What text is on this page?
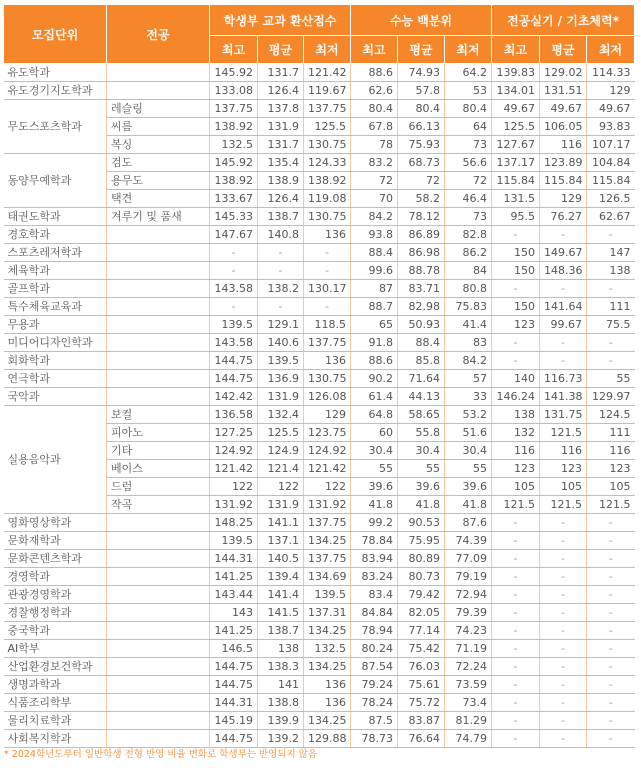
모집단위	전공	학생부 교과 환산점수			수능 백분위			전공실기 / 기초체력*		
		최고	평균	최저	최고	평균	최저	최고	평균	최저
유도학과		145.92	131.7	121.42	88.6	74.93	64.2	139.83	129.02	114.33
유도경기지도학과		133.08	126.4	119.67	62.6	57.8	53	134.01	131.51	129
무도스포츠학과	레슬링	137.75	137.8	137.75	80.4	80.4	80.4	49.67	49.67	49.67
	씨름	138.92	131.9	125.5	67.8	66.13	64	125.5	106.05	93.83
	복싱	132.5	131.7	130.75	78	75.93	73	127.67	116	107.17
동양무예학과	검도	145.92	135.4	124.33	83.2	68.73	56.6	137.17	123.89	104.84
	용무도	138.92	138.9	138.92	72	72	72	115.84	115.84	115.84
	택견	133.67	126.4	119.08	70	58.2	46.4	131.5	129	126.5
태권도학과	겨루기 및 품새	145.33	138.7	130.75	84.2	78.12	73	95.5	76.27	62.67
경호학과		147.67	140.8	136	93.8	86.89	82.8	-	-	-
스포츠레저학과		-	-	-	88.4	86.98	86.2	150	149.67	147
체육학과		-	-	-	99.6	88.78	84	150	148.36	138
골프학과		143.58	138.2	130.17	87	83.71	80.8	-	-	-
특수체육교육과		-	-	-	88.7	82.98	75.83	150	141.64	111
무용과		139.5	129.1	118.5	65	50.93	41.4	123	99.67	75.5
미디어디자인학과		143.58	140.6	137.75	91.8	88.4	83	-	-	-
회화학과		144.75	139.5	136	88.6	85.8	84.2	-	-	-
연극학과		144.75	136.9	130.75	90.2	71.64	57	140	116.73	55
국악과		142.42	131.9	126.08	61.4	44.13	33	146.24	141.38	129.97
실용음악과	보컬	136.58	132.4	129	64.8	58.65	53.2	138	131.75	124.5
	피아노	127.25	125.5	123.75	60	55.8	51.6	132	121.5	111
	기타	124.92	124.9	124.92	30.4	30.4	30.4	116	116	116
	베이스	121.42	121.4	121.42	55	55	55	123	123	123
	드럼	122	122	122	39.6	39.6	39.6	105	105	105
	작곡	131.92	131.9	131.92	41.8	41.8	41.8	121.5	121.5	121.5
영화영상학과		148.25	141.1	137.75	99.2	90.53	87.6	-	-	-
문화재학과		139.5	137.1	134.25	78.84	75.95	74.39	-	-	-
문화콘텐츠학과		144.31	140.5	137.75	83.94	80.89	77.09	-	-	-
경영학과		141.25	139.4	134.69	83.24	80.73	79.19	-	-	-
관광경영학과		143.44	141.4	139.5	83.4	79.42	72.94	-	-	-
경찰행정학과		143	141.5	137.31	84.84	82.05	79.39	-	-	-
중국학과		141.25	138.7	134.25	78.94	77.14	74.23	-	-	-
AI학부		146.5	138	132.5	80.24	75.42	71.19	-	-	-
산업환경보건학과		144.75	138.3	134.25	87.54	76.03	72.24	-	-	-
생명과학과		144.75	141	136	79.24	75.61	73.59	-	-	-
식품조리학부		144.31	138.8	136	78.24	75.72	73.4	-	-	-
물리치료학과		145.19	139.9	134.25	87.5	83.87	81.29	-	-	-
사회복지학과		144.75	139.2	129.88	78.73	76.64	74.79	-	-	-
* 2024학년도부터 일반학생 전형 반영 비율 변화로 학생부는 반영되지 않음
